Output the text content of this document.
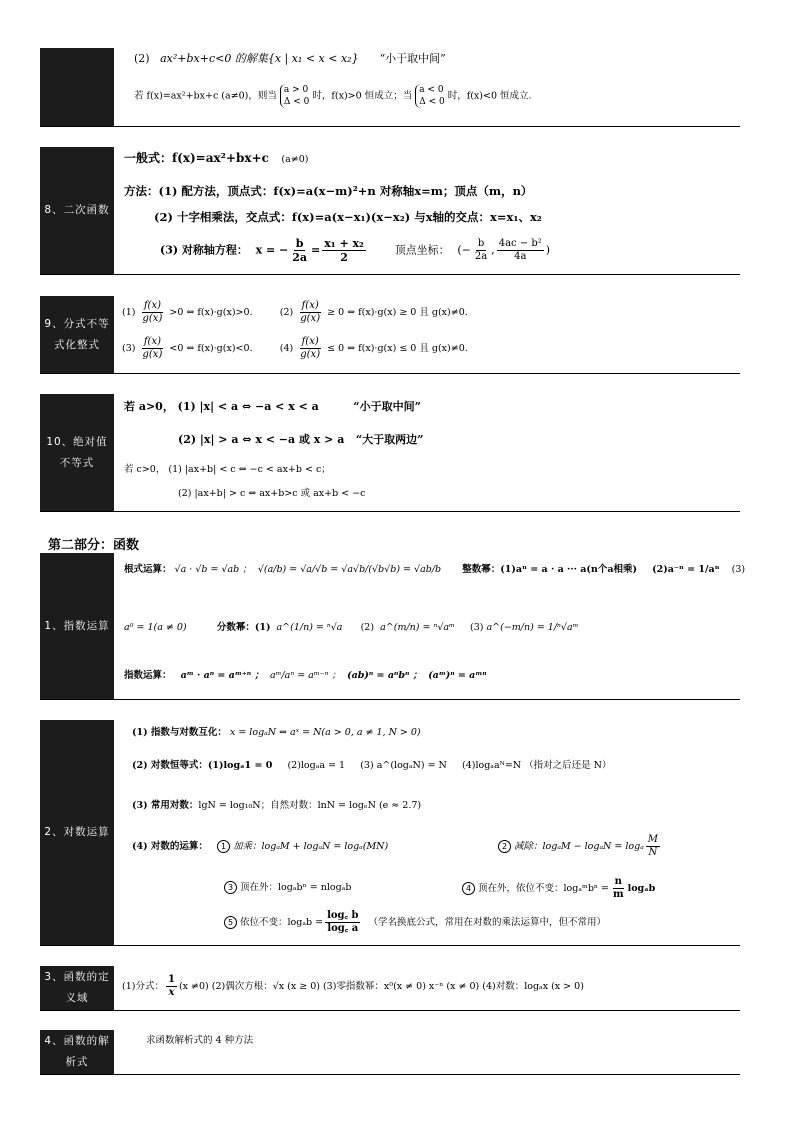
(2) ax²+bx+c<0 的解集{x | x₁ < x < x₂} “小于取中间”
若 f(x)=ax²+bx+c (a≠0)，则当a > 0
Δ < 0时，f(x)>0 恒成立；当a < 0
Δ < 0时，f(x)<0 恒成立.
8、二次函数
一般式：f(x)=ax²+bx+c (a≠0)
方法：(1) 配方法，顶点式：f(x)=a(x−m)²+n 对称轴x=m；顶点（m，n）
(2) 十字相乘法，交点式：f(x)=a(x−x₁)(x−x₂) 与x轴的交点：x=x₁、x₂
(3) 对称轴方程： x = − $\frac{b}{2a} = \frac{\text{x₁ + x₂}}{2}$	顶点坐标： (− $\frac{b}{2a}$ , $\frac{\text{4ac − b²}}{4a}$ )
9、分式不等式化整式
$(1) \frac{f(x)}{g(x)} >0$ ⇔ f(x)·g(x)>0.	$(2) \frac{f(x)}{g(x)} \ge 0$ ⇔ f(x)·g(x) ≥ 0 且 g(x)≠0.
$(3) \frac{f(x)}{g(x)} <0$ ⇔ f(x)·g(x)<0.	$(4) \frac{f(x)}{g(x)} \le 0$ ⇔ f(x)·g(x) ≤ 0 且 g(x)≠0.
10、绝对值不等式
若 a>0， (1) |x| < a ⇔ −a < x < a	“小于取中间”
(2) |x| > a ⇔ x < −a 或 x > a “大于取两边”
若 c>0， (1) |ax+b| < c ⇔ −c < ax+b < c；
(2) |ax+b| > c ⇔ ax+b>c 或 ax+b < −c
第二部分：函数
1、指数运算
根式运算： √a · √b = √ab ； √(a/b) = √a/√b = √a√b/(√b√b) = √ab/b 整数幂：(1)aⁿ = a · a ··· a(n个a相乘) (2)a⁻ⁿ = 1/aⁿ (3)
a⁰ = 1(a ≠ 0)	分数幂：(1) a^(1/n) = ⁿ√a (2) a^(m/n) = ⁿ√aᵐ (3) a^(−m/n) = 1/ⁿ√aᵐ
指数运算： aᵐ · aⁿ = aᵐ⁺ⁿ ； aᵐ/aⁿ = aᵐ⁻ⁿ ； (ab)ⁿ = aⁿbⁿ ； (aᵐ)ⁿ = aᵐⁿ
2、对数运算
(1) 指数与对数互化： x = logₐN ⇔ aˣ = N(a > 0, a ≠ 1, N > 0)
(2) 对数恒等式：(1)logₐ1 = 0 (2)logₐa = 1 (3) a^(logₐN) = N (4)logₐaᴺ=N （指对之后还是 N）
(3) 常用对数：lgN = log₁₀N；自然对数：lnN = logₑN (e ≈ 2.7)
(4) 对数的运算： 1 加乘：logₐM + logₐN = logₐ(MN)	2 减除：logₐM − logₐN = logₐ $\frac{M}{N}$
3 顶在外：logₐbⁿ = nlogₐb	4 顶在外，依位不变：logₐᵐbⁿ = $\frac{n}{m}$ logₐb
5 依位不变：$\log_ab = \frac{\log꜀ b}{\log꜀ a}$ （学名换底公式，常用在对数的乘法运算中，但不常用）
3、函数的定义域
(1)分式： $\frac{1}{x} (x \ne 0)$ (2)偶次方根：√x (x ≥ 0) (3)零指数幂：x⁰(x ≠ 0) x⁻ⁿ (x ≠ 0) (4)对数：logₐx (x > 0)
4、函数的解析式
求函数解析式的 4 种方法
